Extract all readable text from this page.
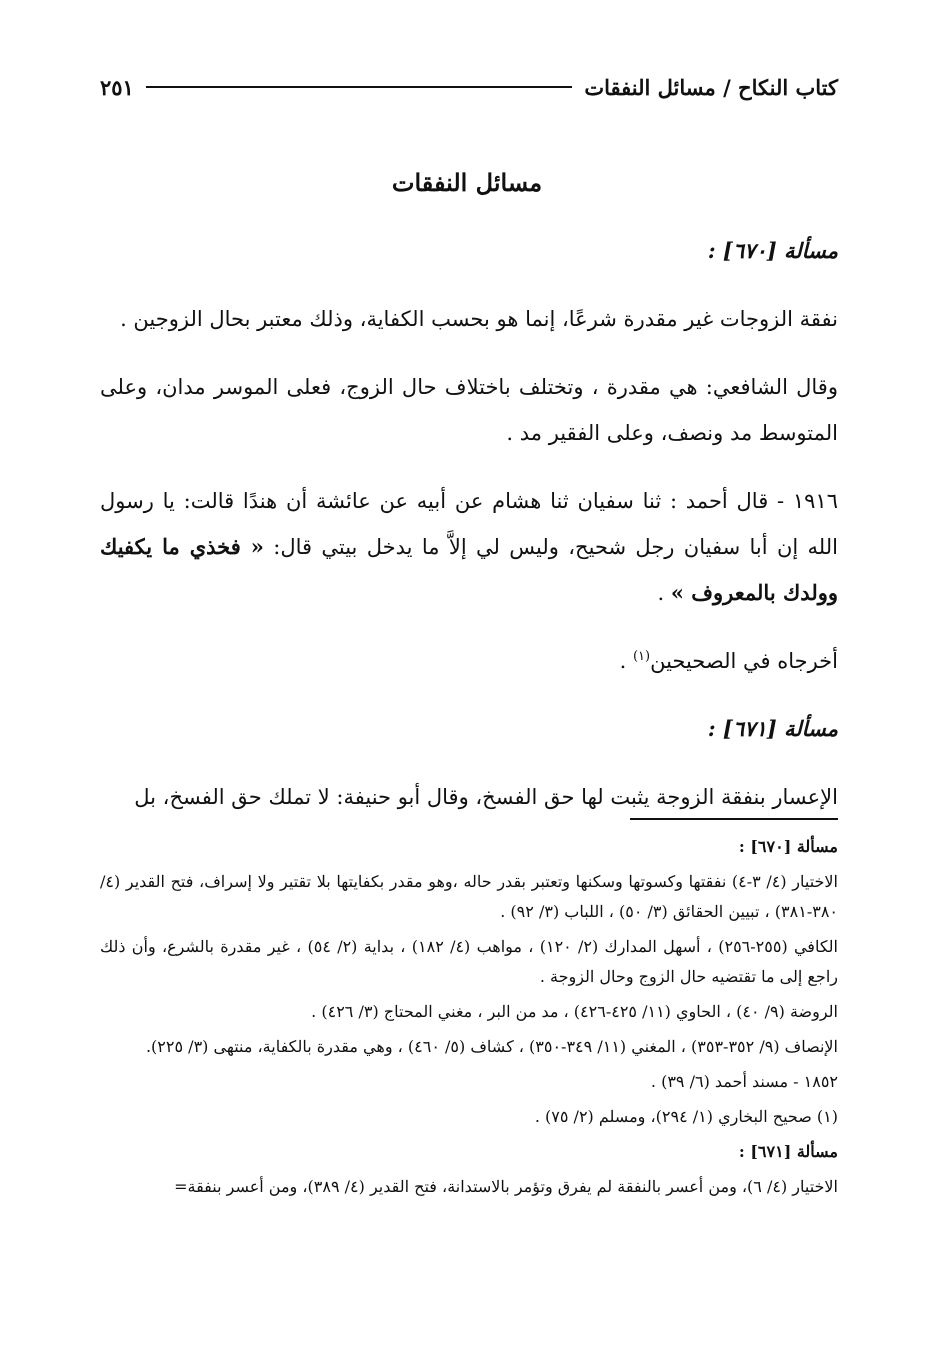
كتاب النكاح / مسائل النفقات
٢٥١
مسائل النفقات
مسألة [٦٧٠] :

نفقة الزوجات غير مقدرة شرعًا، إنما هو بحسب الكفاية، وذلك معتبر بحال الزوجين .

وقال الشافعي: هي مقدرة ، وتختلف باختلاف حال الزوج، فعلى الموسر مدان، وعلى المتوسط مد ونصف، وعلى الفقير مد .

١٩١٦ - قال أحمد : ثنا سفيان ثنا هشام عن أبيه عن عائشة أن هندًا قالت: يا رسول الله إن أبا سفيان رجل شحيح، وليس لي إلاَّ ما يدخل بيتي قال: « فخذي ما يكفيك وولدك بالمعروف » .

أخرجاه في الصحيحين$^{(١)}$ .

مسألة [٦٧١] :

الإعسار بنفقة الزوجة يثبت لها حق الفسخ، وقال أبو حنيفة: لا تملك حق الفسخ، بل

مسألة [٦٧٠] :

الاختيار (٤/ ٣-٤) نفقتها وكسوتها وسكنها وتعتبر بقدر حاله ،وهو مقدر بكفايتها بلا تقتير ولا إسراف، فتح القدير (٤/ ٣٨٠-٣٨١) ، تبيين الحقائق (٣/ ٥٠) ، اللباب (٣/ ٩٢) .

الكافي (٢٥٥-٢٥٦) ، أسهل المدارك (٢/ ١٢٠) ، مواهب (٤/ ١٨٢) ، بداية (٢/ ٥٤) ، غير مقدرة بالشرع، وأن ذلك راجع إلى ما تقتضيه حال الزوج وحال الزوجة .

الروضة (٩/ ٤٠) ، الحاوي (١١/ ٤٢٥-٤٢٦) ، مد من البر ، مغني المحتاج (٣/ ٤٢٦) .

الإنصاف (٩/ ٣٥٢-٣٥٣) ، المغني (١١/ ٣٤٩-٣٥٠) ، كشاف (٥/ ٤٦٠) ، وهي مقدرة بالكفاية، منتهى (٣/ ٢٢٥).

١٨٥٢ - مسند أحمد (٦/ ٣٩) .

(١) صحيح البخاري (١/ ٢٩٤)، ومسلم (٢/ ٧٥) .

مسألة [٦٧١] :

الاختيار (٤/ ٦)، ومن أعسر بالنفقة لم يفرق وتؤمر بالاستدانة، فتح القدير (٤/ ٣٨٩)، ومن أعسر بنفقة=
